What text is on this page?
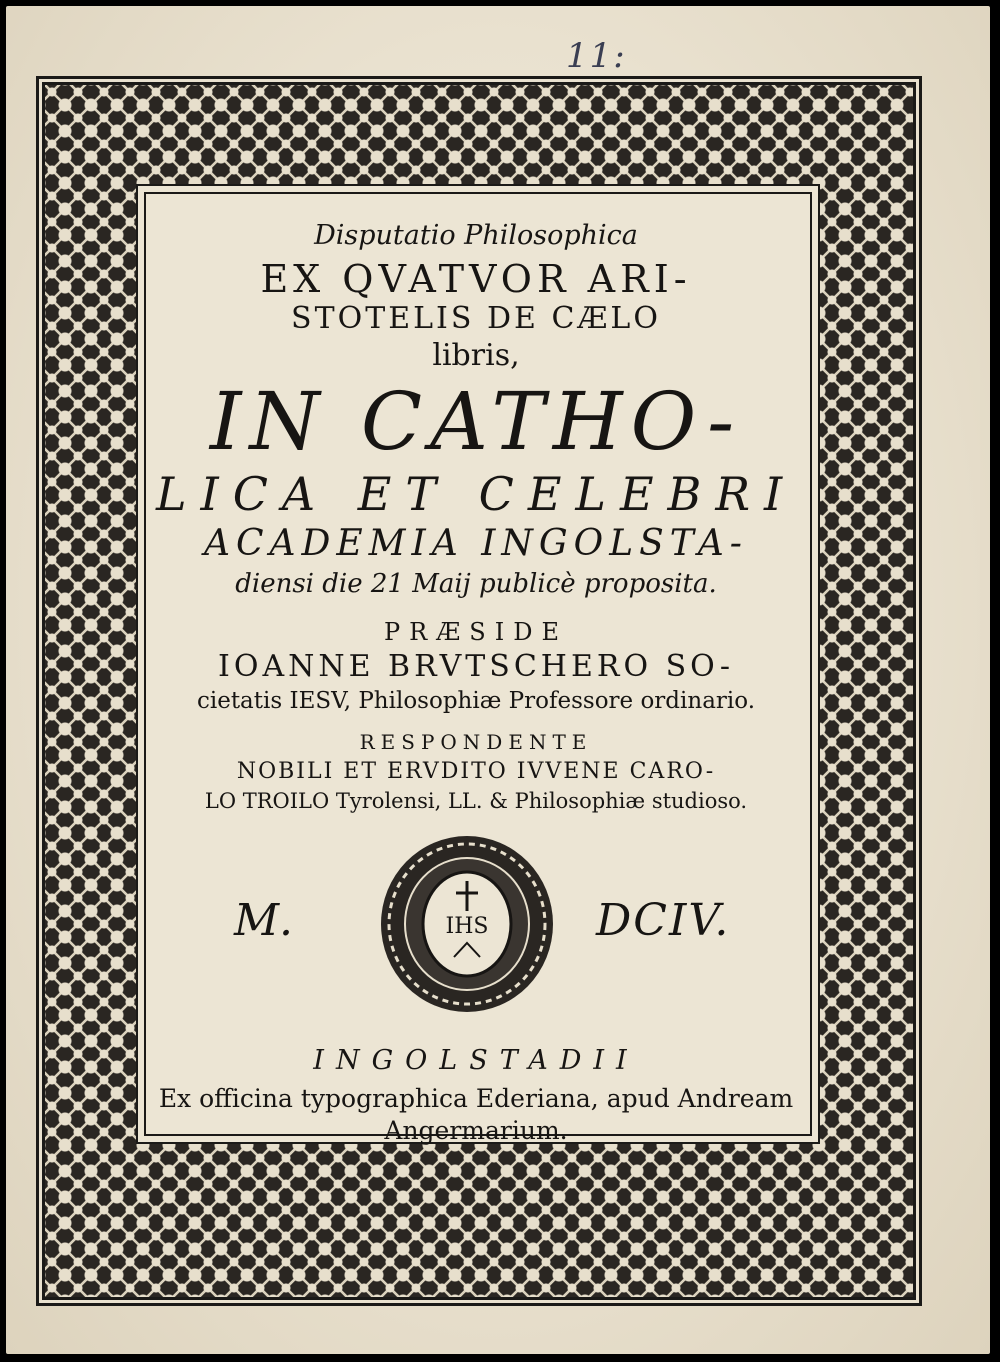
11:
Disputatio Philosophica
EX QVATVOR ARI-
STOTELIS DE CÆLO
libris,
IN CATHO-
LICA ET CELEBRI
ACADEMIA INGOLSTA-
diensi die 21 Maij publicè proposita.
PRÆSIDE
IOANNE BRVTSCHERO SO-
cietatis IESV, Philosophiæ Professore ordinario.
RESPONDENTE
NOBILI ET ERVDITO IVVENE CARO-
LO TROILO Tyrolensi, LL. & Philosophiæ studioso.
M.	IHS DCIV.
INGOLSTADII
Ex officina typographica Ederiana, apud Andream
Angermarium.
